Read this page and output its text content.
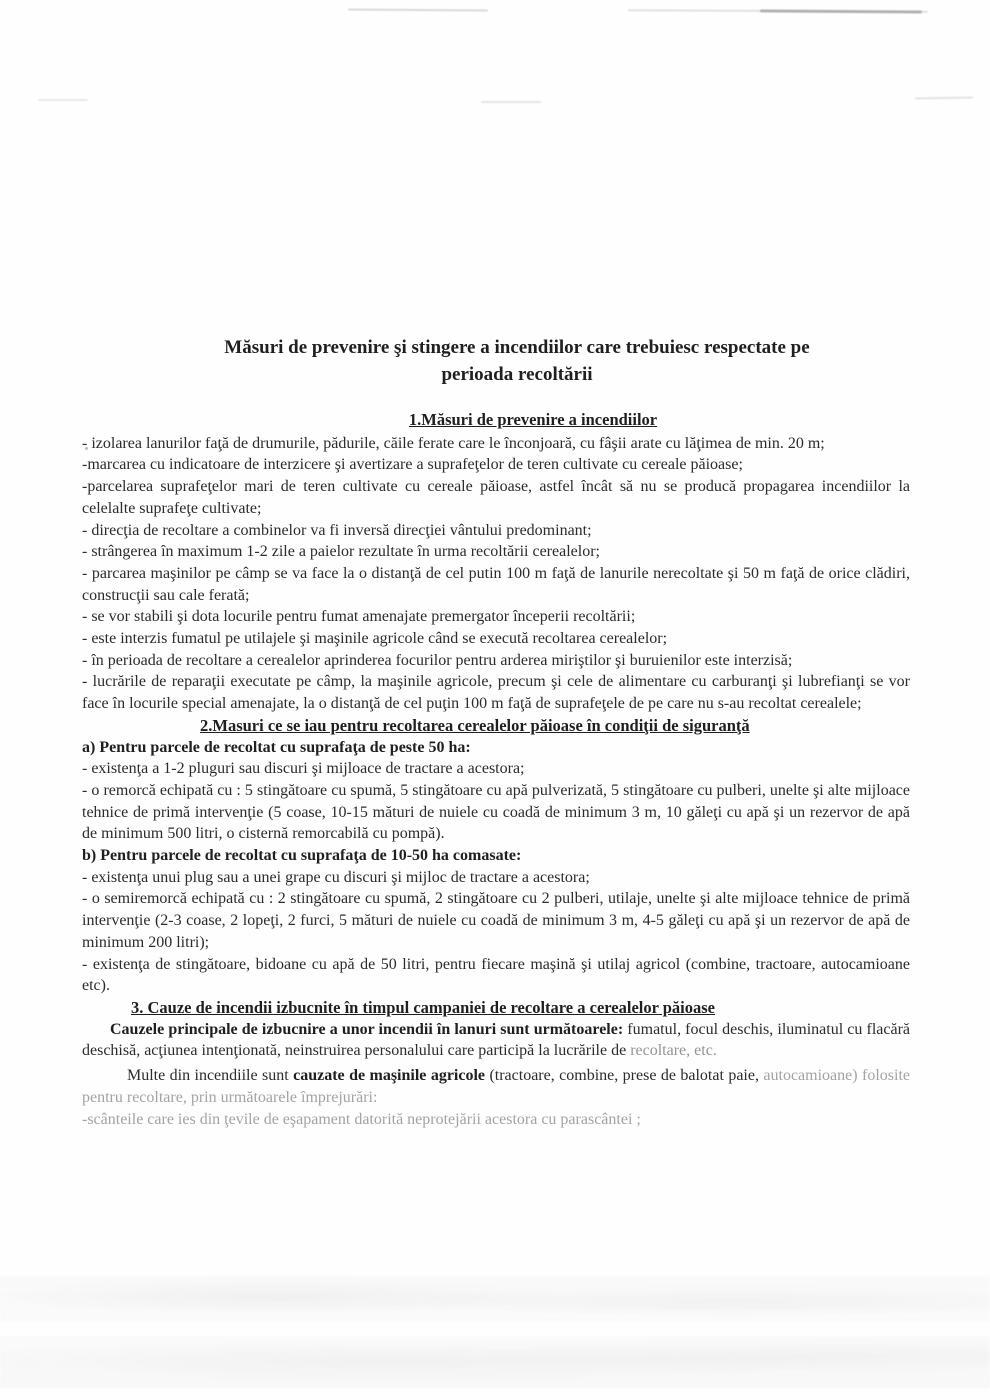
Măsuri de prevenire şi stingere a incendiilor care trebuiesc respectate pe
perioada recoltării

1.Măsuri de prevenire a incendiilor

- izolarea lanurilor faţă de drumurile, pădurile, căile ferate care le înconjoară, cu fâşii arate cu lăţimea de min. 20 m;

-marcarea cu indicatoare de interzicere şi avertizare a suprafeţelor de teren cultivate cu cereale păioase;

-parcelarea suprafeţelor mari de teren cultivate cu cereale păioase, astfel încât să nu se producă propagarea incendiilor la celelalte suprafeţe cultivate;

- direcţia de recoltare a combinelor va fi inversă direcţiei vântului predominant;

- strângerea în maximum 1-2 zile a paielor rezultate în urma recoltării cerealelor;

- parcarea maşinilor pe câmp se va face la o distanţă de cel putin 100 m faţă de lanurile nerecoltate şi 50 m faţă de orice clădiri, construcţii sau cale ferată;

- se vor stabili şi dota locurile pentru fumat amenajate premergator începerii recoltării;

- este interzis fumatul pe utilajele şi maşinile agricole când se execută recoltarea cerealelor;

- în perioada de recoltare a cerealelor aprinderea focurilor pentru arderea miriştilor şi buruienilor este interzisă;

- lucrările de reparaţii executate pe câmp, la maşinile agricole, precum şi cele de alimentare cu carburanţi şi lubrefianţi se vor face în locurile special amenajate, la o distanţă de cel puţin 100 m faţă de suprafeţele de pe care nu s-au recoltat cerealele;

2.Masuri ce se iau pentru recoltarea cerealelor păioase în condiţii de siguranţă

a) Pentru parcele de recoltat cu suprafaţa de peste 50 ha:

- existenţa a 1-2 pluguri sau discuri şi mijloace de tractare a acestora;

- o remorcă echipată cu : 5 stingătoare cu spumă, 5 stingătoare cu apă pulverizată, 5 stingătoare cu pulberi, unelte şi alte mijloace tehnice de primă intervenţie (5 coase, 10-15 mături de nuiele cu coadă de minimum 3 m, 10 găleţi cu apă şi un rezervor de apă de minimum 500 litri, o cisternă remorcabilă cu pompă).

b) Pentru parcele de recoltat cu suprafaţa de 10-50 ha comasate:

- existenţa unui plug sau a unei grape cu discuri şi mijloc de tractare a acestora;

- o semiremorcă echipată cu : 2 stingătoare cu spumă, 2 stingătoare cu 2 pulberi, utilaje, unelte şi alte mijloace tehnice de primă intervenţie (2-3 coase, 2 lopeţi, 2 furci, 5 mături de nuiele cu coadă de minimum 3 m, 4-5 găleţi cu apă şi un rezervor de apă de minimum 200 litri);

- existenţa de stingătoare, bidoane cu apă de 50 litri, pentru fiecare maşină şi utilaj agricol (combine, tractoare, autocamioane etc).

3. Cauze de incendii izbucnite în timpul campaniei de recoltare a cerealelor păioase

Cauzele principale de izbucnire a unor incendii în lanuri sunt următoarele: fumatul, focul deschis, iluminatul cu flacără deschisă, acţiunea intenţionată, neinstruirea personalului care participă la lucrările de recoltare, etc.

Multe din incendiile sunt cauzate de maşinile agricole (tractoare, combine, prese de balotat paie, autocamioane) folosite pentru recoltare, prin următoarele împrejurări:

-scânteile care ies din ţevile de eşapament datorită neprotejării acestora cu parascântei ;
